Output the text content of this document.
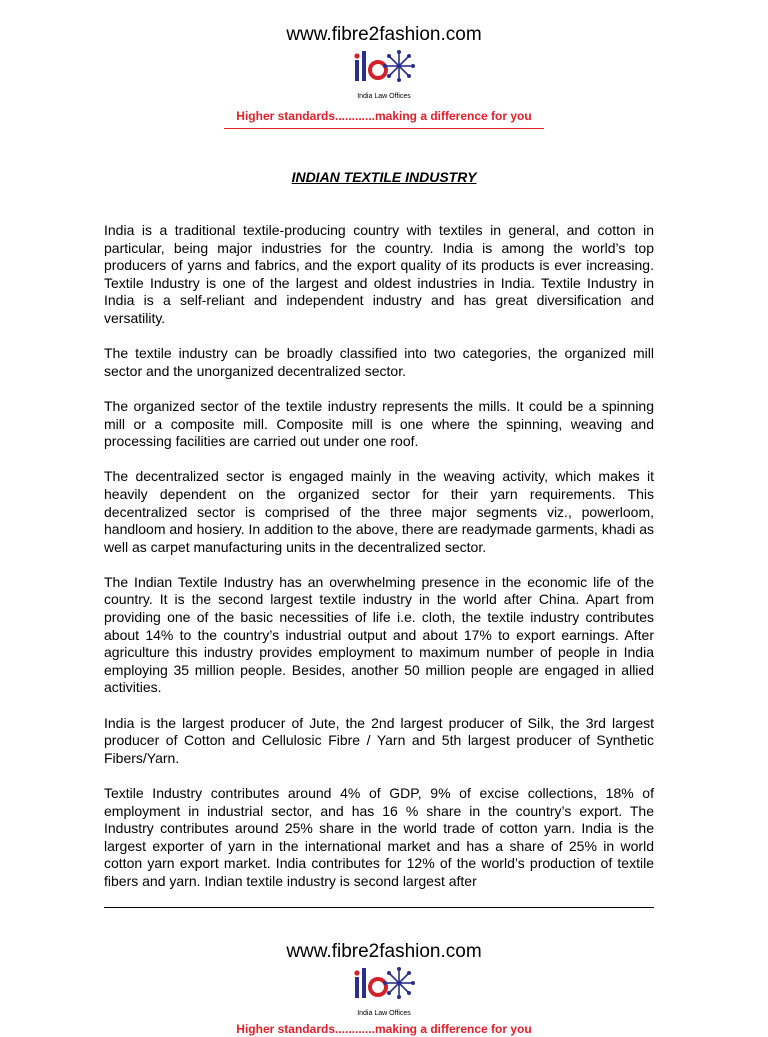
www.fibre2fashion.com
India Law Offices
Higher standards............making a difference for you
INDIAN TEXTILE INDUSTRY

India is a traditional textile-producing country with textiles in general, and cotton in particular, being major industries for the country. India is among the world’s top producers of yarns and fabrics, and the export quality of its products is ever increasing. Textile Industry is one of the largest and oldest industries in India. Textile Industry in India is a self-reliant and independent industry and has great diversification and versatility.

The textile industry can be broadly classified into two categories, the organized mill sector and the unorganized decentralized sector.

The organized sector of the textile industry represents the mills. It could be a spinning mill or a composite mill. Composite mill is one where the spinning, weaving and processing facilities are carried out under one roof.

The decentralized sector is engaged mainly in the weaving activity, which makes it heavily dependent on the organized sector for their yarn requirements. This decentralized sector is comprised of the three major segments viz., powerloom, handloom and hosiery. In addition to the above, there are readymade garments, khadi as well as carpet manufacturing units in the decentralized sector.

The Indian Textile Industry has an overwhelming presence in the economic life of the country. It is the second largest textile industry in the world after China. Apart from providing one of the basic necessities of life i.e. cloth, the textile industry contributes about 14% to the country’s industrial output and about 17% to export earnings. After agriculture this industry provides employment to maximum number of people in India employing 35 million people. Besides, another 50 million people are engaged in allied activities.

India is the largest producer of Jute, the 2nd largest producer of Silk, the 3rd largest producer of Cotton and Cellulosic Fibre / Yarn and 5th largest producer of Synthetic Fibers/Yarn.

Textile Industry contributes around 4% of GDP, 9% of excise collections, 18% of employment in industrial sector, and has 16 % share in the country’s export. The Industry contributes around 25% share in the world trade of cotton yarn. India is the largest exporter of yarn in the international market and has a share of 25% in world cotton yarn export market. India contributes for 12% of the world’s production of textile fibers and yarn. Indian textile industry is second largest after

www.fibre2fashion.com
India Law Offices
Higher standards............making a difference for you
